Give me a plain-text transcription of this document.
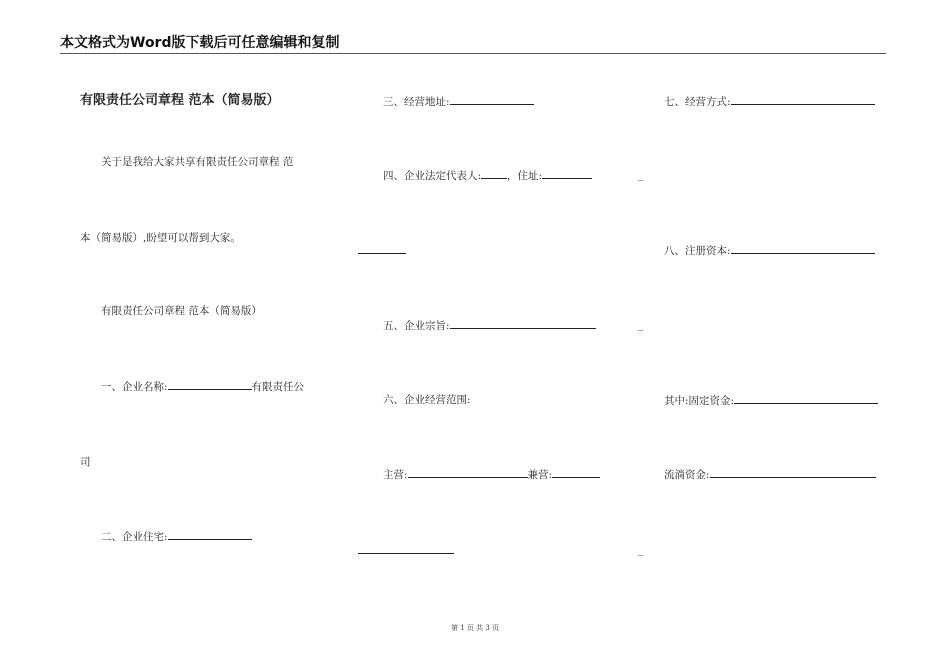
本文格式为Word版下载后可任意编辑和复制
有限责任公司章程 范本（简易版）
关于是我给大家共享有限责任公司章程 范
本（简易版）,盼望可以帮到大家。
有限责任公司章程 范本（简易版）
一、企业名称:	有限责任公
司
二、企业住宅:
三、经营地址:
四、企业法定代表人: ，住址:
五、企业宗旨:
六、企业经营范围:
主营:	兼营:
七、经营方式:
_
八、注册资本:
_
其中:固定资金:
流淌资金:
_
第 1 页 共 3 页
